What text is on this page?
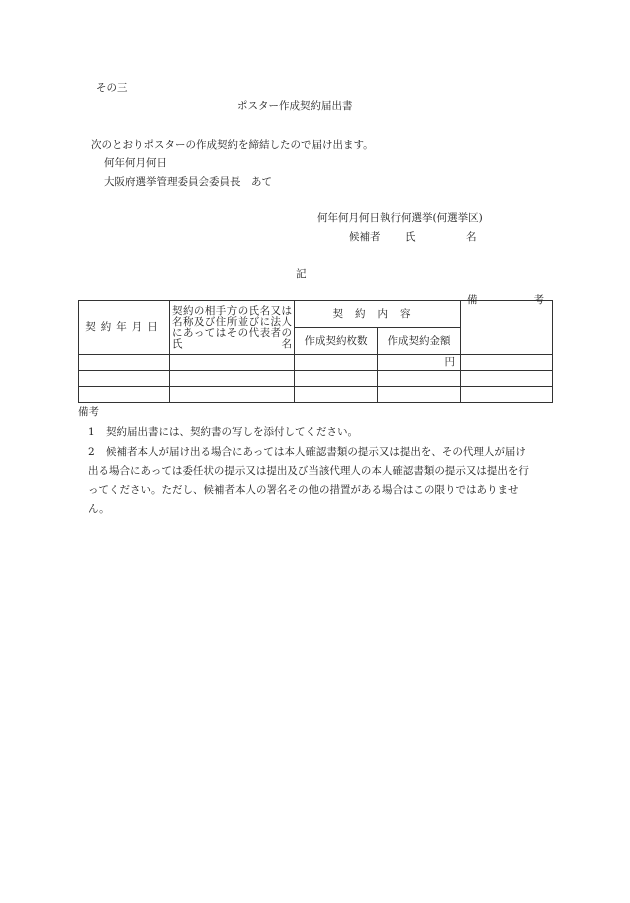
その三
ポスター作成契約届出書
次のとおりポスターの作成契約を締結したので届け出ます。
何年何月何日
大阪府選挙管理委員会委員長　あて
何年何月何日執行何選挙(何選挙区)
候補者 氏	名
記
契約年月日	契約の相手方の氏名又は名称及び住所並びに法人にあってはその代表者の氏名	契約内容		備 考

		作成契約枚数	作成契約金額	
			円	

備考
1 契約届出書には、契約書の写しを添付してください。
2 候補者本人が届け出る場合にあっては本人確認書類の提示又は提出を、その代理人が届け出る場合にあっては委任状の提示又は提出及び当該代理人の本人確認書類の提示又は提出を行ってください。ただし、候補者本人の署名その他の措置がある場合はこの限りではありません。
